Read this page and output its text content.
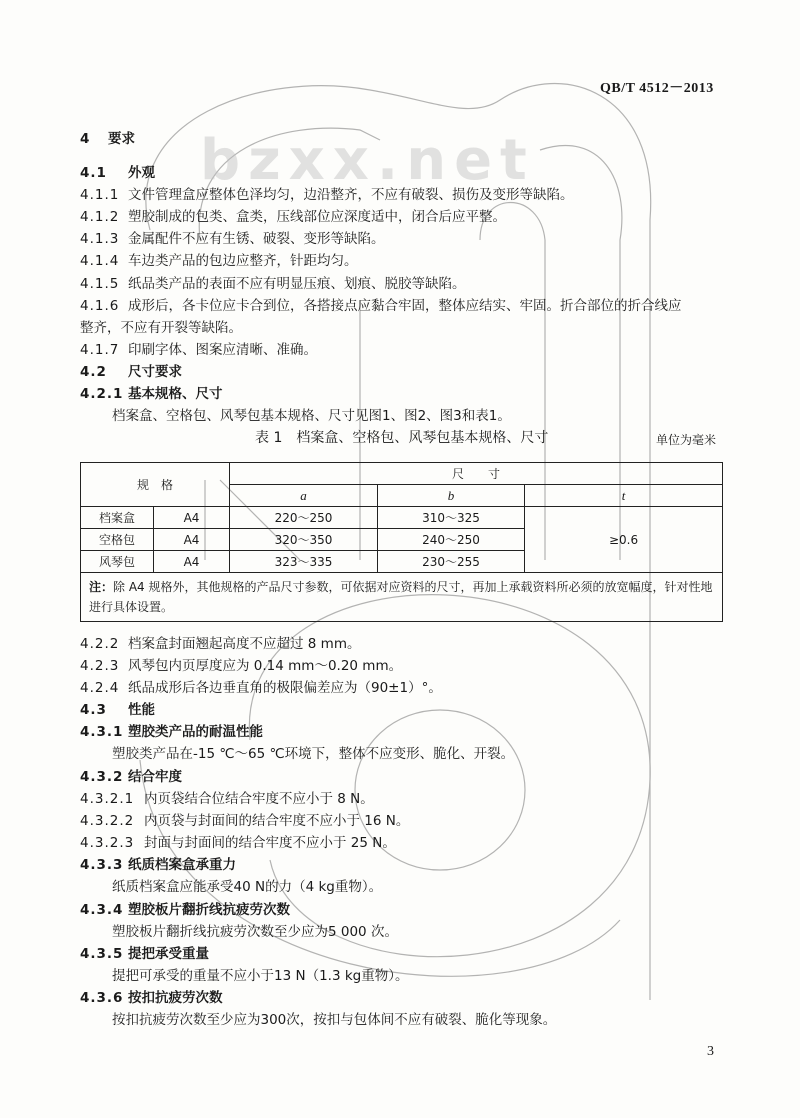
bzxx.net
QB/T 4512－2013
4 要求
4.1 外观
4.1.1 文件管理盒应整体色泽均匀，边沿整齐，不应有破裂、损伤及变形等缺陷。
4.1.2 塑胶制成的包类、盒类，压线部位应深度适中，闭合后应平整。
4.1.3 金属配件不应有生锈、破裂、变形等缺陷。
4.1.4 车边类产品的包边应整齐，针距均匀。
4.1.5 纸品类产品的表面不应有明显压痕、划痕、脱胶等缺陷。
4.1.6 成形后，各卡位应卡合到位，各搭接点应黏合牢固，整体应结实、牢固。折合部位的折合线应
整齐，不应有开裂等缺陷。
4.1.7 印刷字体、图案应清晰、准确。
4.2 尺寸要求
4.2.1 基本规格、尺寸
档案盒、空格包、风琴包基本规格、尺寸见图1、图2、图3和表1。
表 1　档案盒、空格包、风琴包基本规格、尺寸	单位为毫米
规　格		尺　　寸		
		a	b	t
档案盒	A4	220～250	310～325	≥0.6
空格包	A4	320～350	240～250	
风琴包	A4	323～335	230～255	
注：除 A4 规格外，其他规格的产品尺寸参数，可依据对应资料的尺寸，再加上承载资料所必须的放宽幅度，针对性地进行具体设置。				
4.2.2 档案盒封面翘起高度不应超过 8 mm。
4.2.3 风琴包内页厚度应为 0.14 mm～0.20 mm。
4.2.4 纸品成形后各边垂直角的极限偏差应为（90±1）°。
4.3 性能
4.3.1 塑胶类产品的耐温性能
塑胶类产品在-15 ℃～65 ℃环境下，整体不应变形、脆化、开裂。
4.3.2 结合牢度
4.3.2.1 内页袋结合位结合牢度不应小于 8 N。
4.3.2.2 内页袋与封面间的结合牢度不应小于 16 N。
4.3.2.3 封面与封面间的结合牢度不应小于 25 N。
4.3.3 纸质档案盒承重力
纸质档案盒应能承受40 N的力（4 kg重物）。
4.3.4 塑胶板片翻折线抗疲劳次数
塑胶板片翻折线抗疲劳次数至少应为5 000 次。
4.3.5 提把承受重量
提把可承受的重量不应小于13 N（1.3 kg重物）。
4.3.6 按扣抗疲劳次数
按扣抗疲劳次数至少应为300次，按扣与包体间不应有破裂、脆化等现象。
3
